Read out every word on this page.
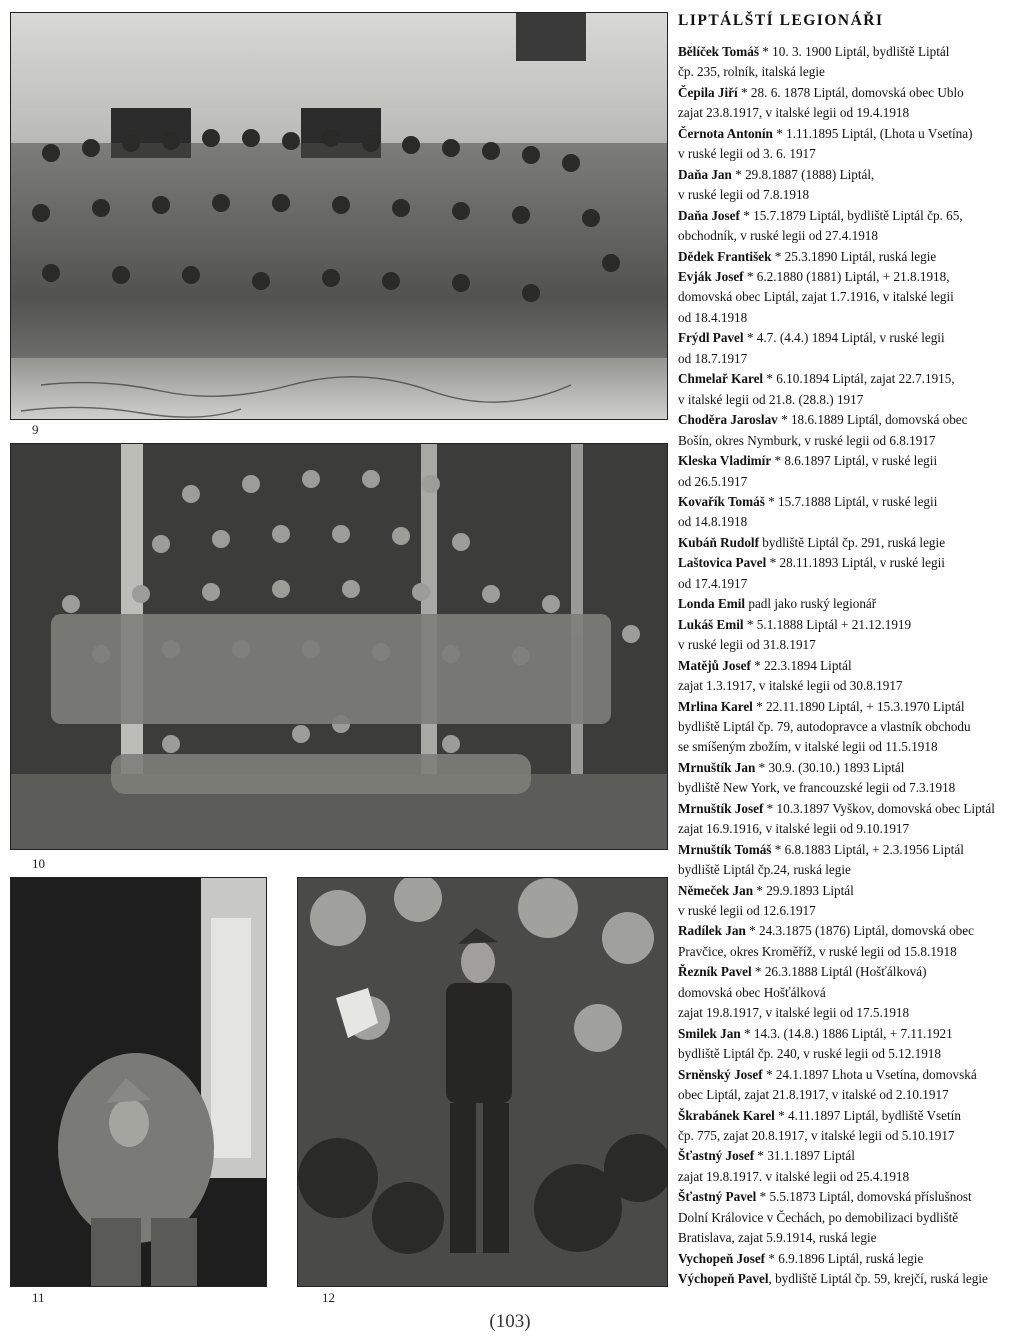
9
10
11	12
LIPTÁLŠTÍ LEGIONÁŘI
Bělíček Tomáš * 10. 3. 1900 Liptál, bydliště Liptál
čp. 235, rolník, italská legie
Čepila Jiří * 28. 6. 1878 Liptál, domovská obec Ublo
zajat 23.8.1917, v italské legii od 19.4.1918
Černota Antonín * 1.11.1895 Liptál, (Lhota u Vsetína)
v ruské legii od 3. 6. 1917
Daňa Jan * 29.8.1887 (1888) Liptál,
v ruské legii od 7.8.1918
Daňa Josef * 15.7.1879 Liptál, bydliště Liptál čp. 65,
obchodník, v ruské legii od 27.4.1918
Dědek František * 25.3.1890 Liptál, ruská legie
Evják Josef * 6.2.1880 (1881) Liptál, + 21.8.1918,
domovská obec Liptál, zajat 1.7.1916, v italské legii
od 18.4.1918
Frýdl Pavel * 4.7. (4.4.) 1894 Liptál, v ruské legii
od 18.7.1917
Chmelař Karel * 6.10.1894 Liptál, zajat 22.7.1915,
v italské legii od 21.8. (28.8.) 1917
Choděra Jaroslav * 18.6.1889 Liptál, domovská obec
Bošín, okres Nymburk, v ruské legii od 6.8.1917
Kleska Vladimír * 8.6.1897 Liptál, v ruské legii
od 26.5.1917
Kovařík Tomáš * 15.7.1888 Liptál, v ruské legii
od 14.8.1918
Kubáň Rudolf bydliště Liptál čp. 291, ruská legie
Laštovica Pavel * 28.11.1893 Liptál, v ruské legii
od 17.4.1917
Londa Emil padl jako ruský legionář
Lukáš Emil * 5.1.1888 Liptál + 21.12.1919
v ruské legii od 31.8.1917
Matějů Josef * 22.3.1894 Liptál
zajat 1.3.1917, v italské legii od 30.8.1917
Mrlina Karel * 22.11.1890 Liptál, + 15.3.1970 Liptál
bydliště Liptál čp. 79, autodopravce a vlastník obchodu
se smíšeným zbožím, v italské legii od 11.5.1918
Mrnuštík Jan * 30.9. (30.10.) 1893 Liptál
bydliště New York, ve francouzské legii od 7.3.1918
Mrnuštík Josef * 10.3.1897 Vyškov, domovská obec Liptál
zajat 16.9.1916, v italské legii od 9.10.1917
Mrnuštík Tomáš * 6.8.1883 Liptál, + 2.3.1956 Liptál
bydliště Liptál čp.24, ruská legie
Němeček Jan * 29.9.1893 Liptál
v ruské legii od 12.6.1917
Radílek Jan * 24.3.1875 (1876) Liptál, domovská obec
Pravčice, okres Kroměříž, v ruské legii od 15.8.1918
Řezník Pavel * 26.3.1888 Liptál (Hošťálková)
domovská obec Hošťálková
zajat 19.8.1917, v italské legii od 17.5.1918
Smilek Jan * 14.3. (14.8.) 1886 Liptál, + 7.11.1921
bydliště Liptál čp. 240, v ruské legii od 5.12.1918
Srněnský Josef * 24.1.1897 Lhota u Vsetína, domovská
obec Liptál, zajat 21.8.1917, v italské od 2.10.1917
Škrabánek Karel * 4.11.1897 Liptál, bydliště Vsetín
čp. 775, zajat 20.8.1917, v italské legii od 5.10.1917
Šťastný Josef * 31.1.1897 Liptál
zajat 19.8.1917. v italské legii od 25.4.1918
Šťastný Pavel * 5.5.1873 Liptál, domovská příslušnost
Dolní Královice v Čechách, po demobilizaci bydliště
Bratislava, zajat 5.9.1914, ruská legie
Vychopeň Josef * 6.9.1896 Liptál, ruská legie
Výchopeň Pavel, bydliště Liptál čp. 59, krejčí, ruská legie
(103)
